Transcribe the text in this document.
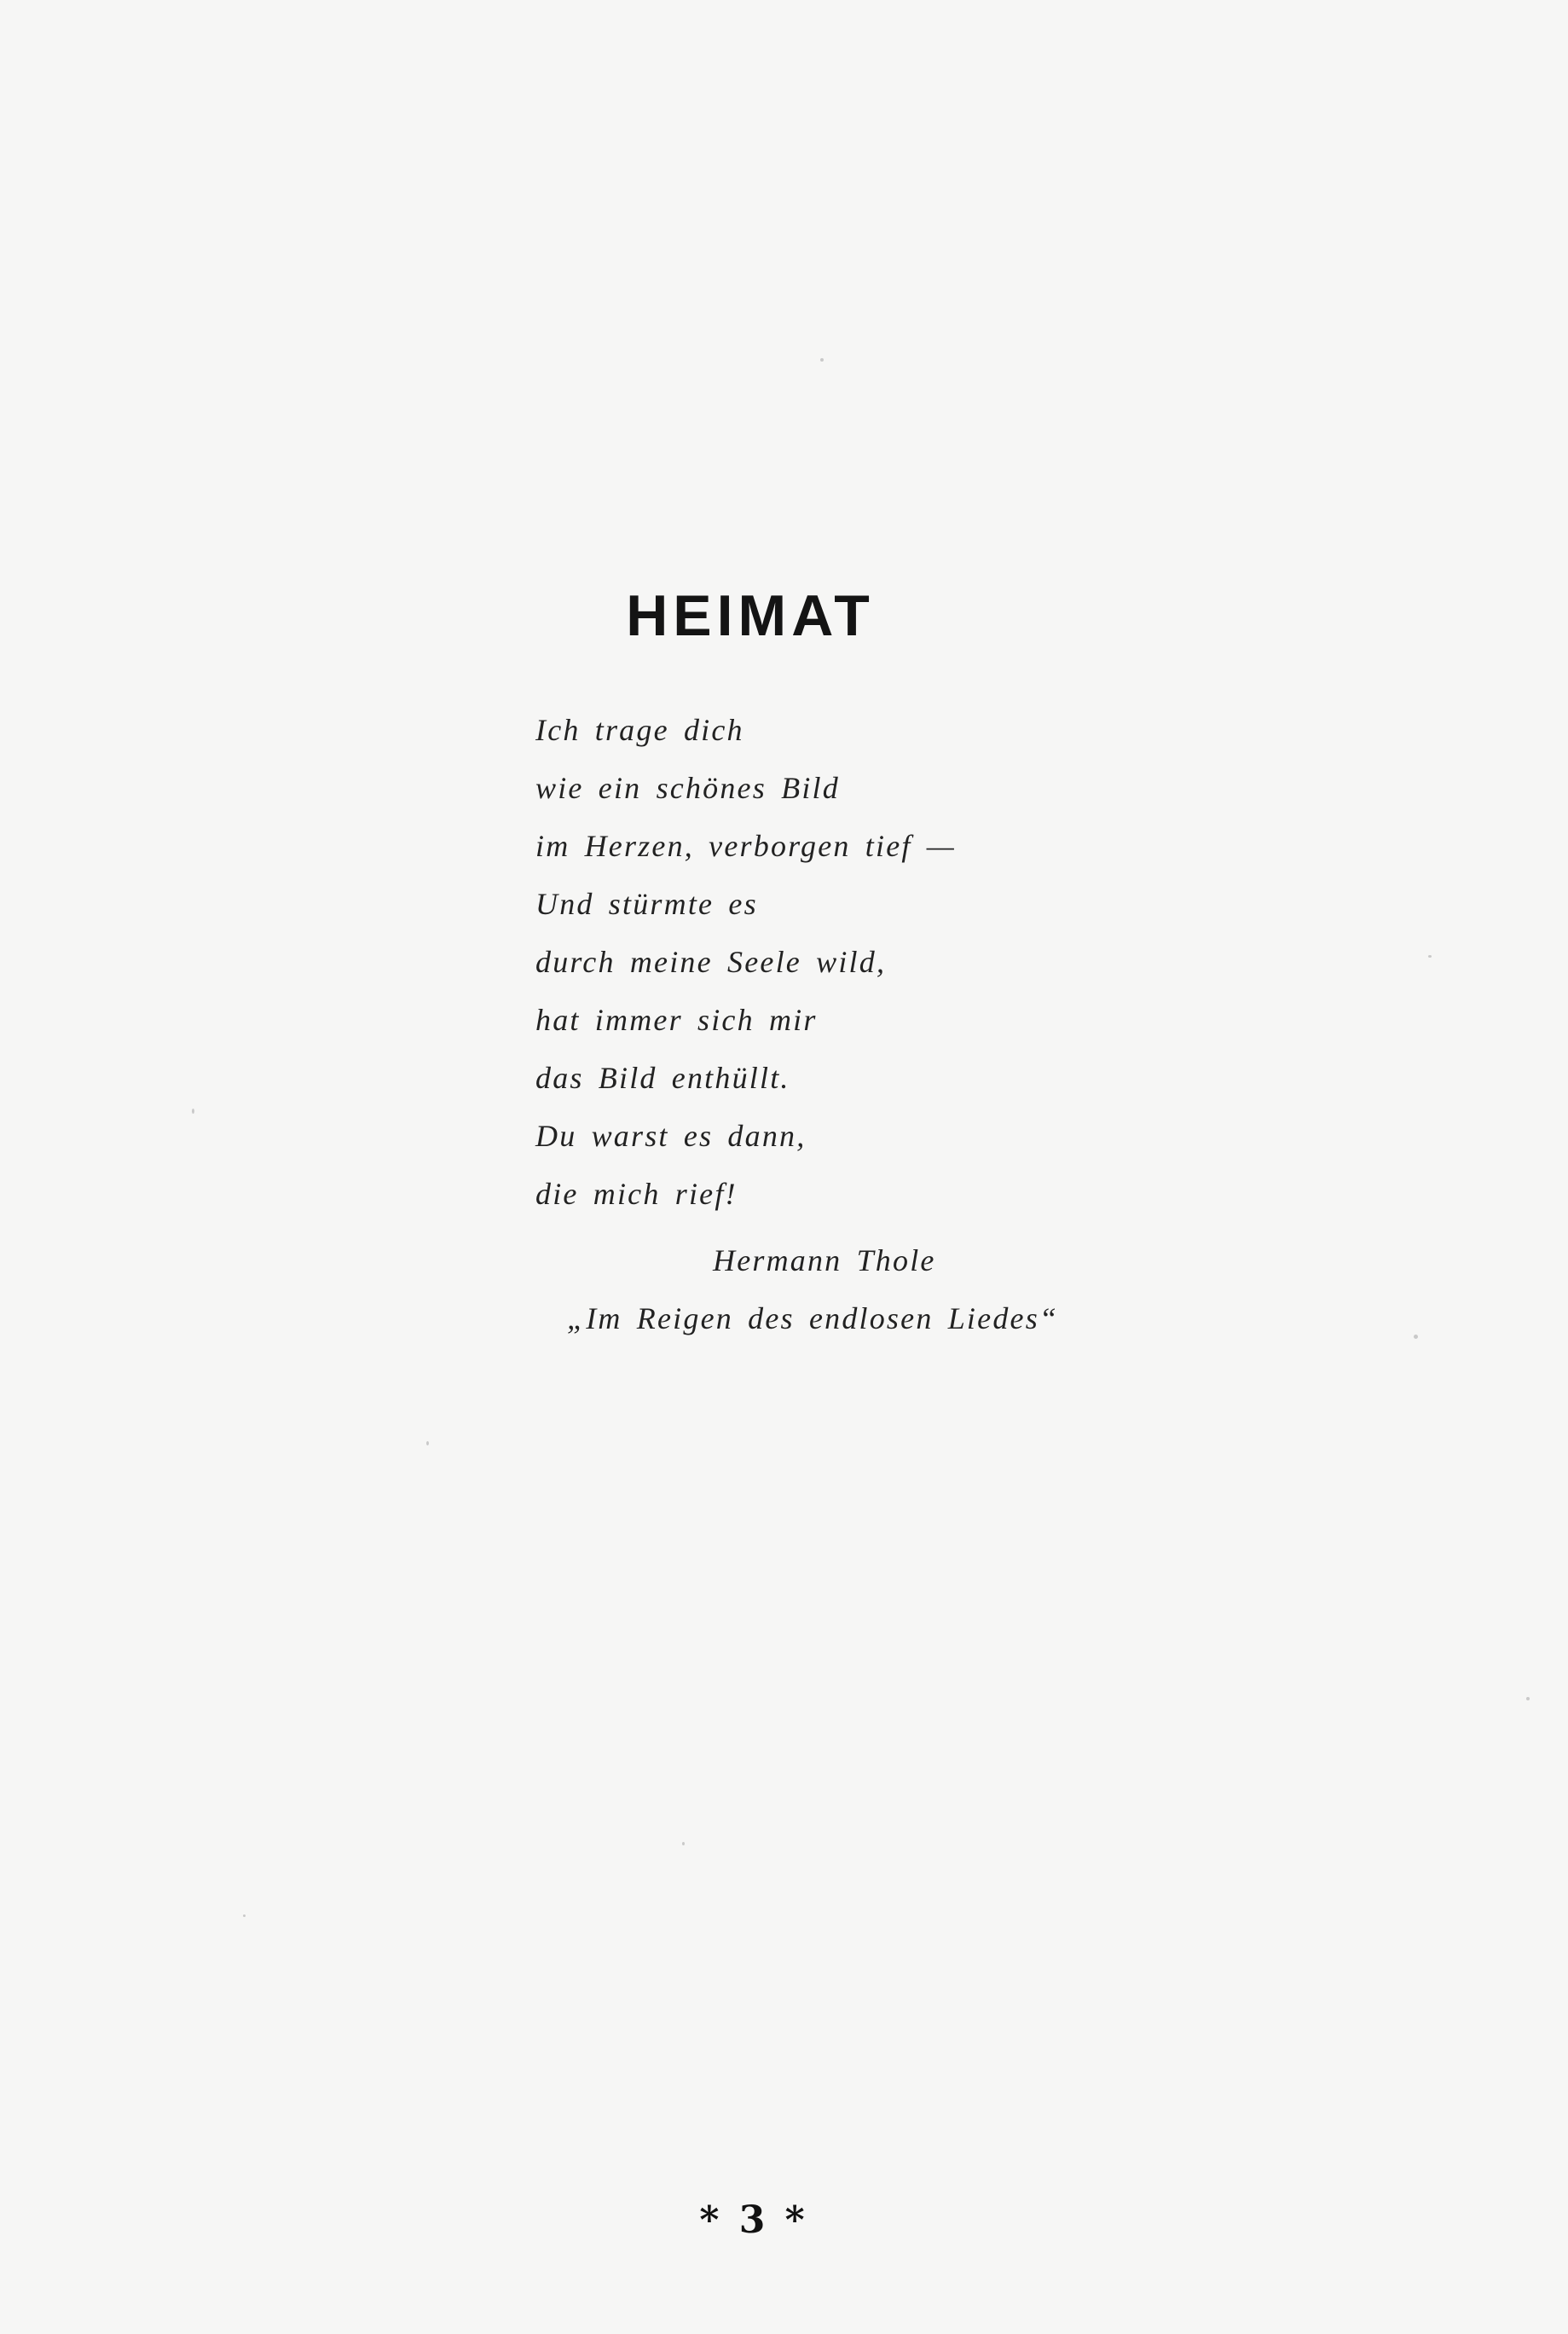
HEIMAT
Ich trage dich
wie ein schönes Bild
im Herzen, verborgen tief —
Und stürmte es
durch meine Seele wild,
hat immer sich mir
das Bild enthüllt.
Du warst es dann,
die mich rief!
Hermann Thole
„Im Reigen des endlosen Liedes“
* 3 *
